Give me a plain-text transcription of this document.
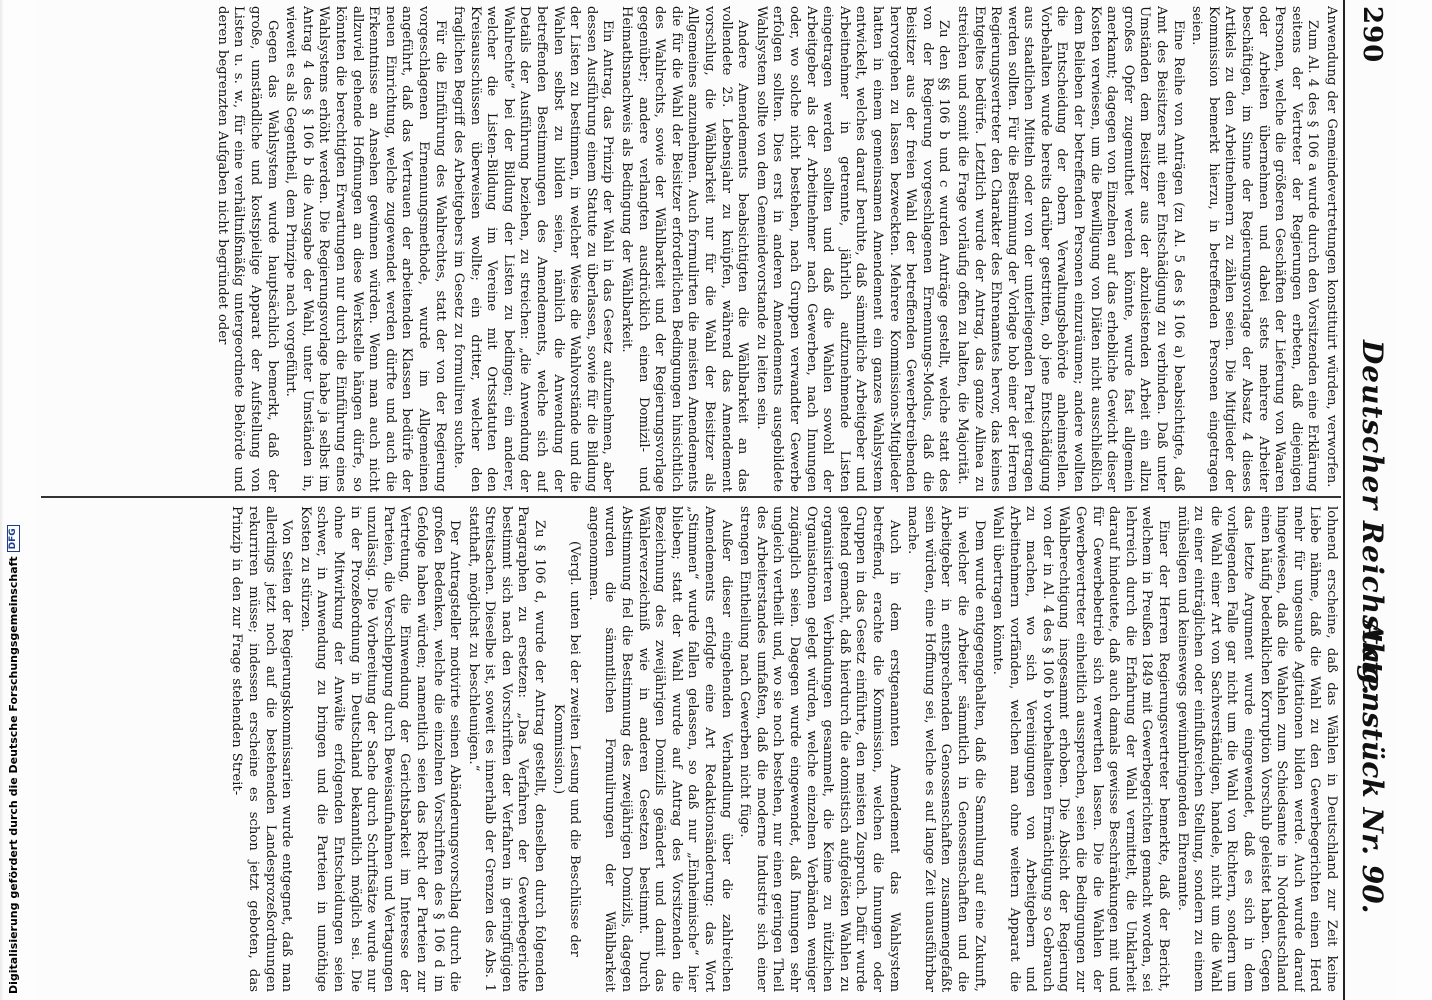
290
Deutscher Reichstag.
Aktenstück Nr. 90.

Anwendung der Gemeindevertretungen konstituirt würden, verworfen.

Zum Al. 4 des § 106 a wurde durch den Vorsitzenden eine Erklärung seitens der Vertreter der Regierungen erbeten, daß diejenigen Personen, welche die größeren Geschäften der Lieferung von Waaren oder Arbeiten übernehmen und dabei stets mehrere Arbeiter beschäftigen, im Sinne der Regierungsvorlage der Absatz 4 dieses Artikels zu den Arbeitnehmern zu zählen seien. Die Mitglieder der Kommission bemerkt hierzu, in betreffenden Personen eingetragen seien.

Eine Reihe von Anträgen (zu Al. 5 des § 106 a) beabsichtigte, daß Amt des Beisitzers mit einer Entschädigung zu verbinden. Daß unter Umständen dem Beisitzer aus der abzuleistenden Arbeit ein allzu großes Opfer zugemuthet werden könnte, wurde fast allgemein anerkannt; dagegen von Einzelnen auf das erhebliche Gewicht dieser Kosten verwiesen, um die Bewilligung von Diäten nicht ausschließlich dem Belieben der betreffenden Personen einzuräumen; andere wollten die Entscheidung der obern Verwaltungsbehörde anheimstellen. Vorbehalten wurde bereits darüber gestritten, ob jene Entschädigung aus staatlichen Mitteln oder von der unterliegenden Partei getragen werden sollten. Für die Bestimmung der Vorlage hob einer der Herren Regierungsvertreter den Charakter des Ehrenamtes hervor, das keines Entgeltes bedürfe. Letztlich wurde der Antrag, das ganze Alinea zu streichen und somit die Frage vorläufig offen zu halten, die Majorität.

Zu den §§ 106 b und c wurden Anträge gestellt, welche statt des von der Regierung vorgeschlagenen Ernennungs-Modus, daß die Beisitzer aus der freien Wahl der betreffenden Gewerbetreibenden hervorgehen zu lassen bezweckten. Mehrere Kommissions-Mitglieder hatten in einem gemeinsamen Amendement ein ganzes Wahlsystem entwickelt, welches darauf beruhte, daß sämmtliche Arbeitgeber und Arbeitnehmer in getrennte, jährlich aufzunehmende Listen eingetragen werden sollten und daß die Wahlen sowohl der Arbeitgeber als der Arbeitnehmer nach Gewerben, nach Innungen oder, wo solche nicht bestehen, nach Gruppen verwandter Gewerbe erfolgen sollten. Dies erst in anderen Amendements ausgebildete Wahlsystem sollte von dem Gemeindevorstande zu leiten sein.

Andere Amendements beabsichtigten die Wählbarkeit an das vollendete 25. Lebensjahr zu knüpfen, während das Amendement vorschlug, die Wählbarkeit nur für die Wahl der Beisitzer als Allgemeines anzunehmen. Auch formulirten die meisten Amendements die für die Wahl der Beisitzer erforderlichen Bedingungen hinsichtlich des Wahlrechts, sowie der Wählbarkeit und der Regierungsvorlage gegenüber; andere verlangten ausdrücklich einen Domizil- und Heimathsnachweis als Bedingung der Wählbarkeit.

Ein Antrag, das Prinzip der Wahl in das Gesetz aufzunehmen, aber dessen Ausführung einem Statute zu überlassen, sowie für die Bildung der Listen zu bestimmen, in welcher Weise die Wahlvorstände und die Wahlen selbst zu bilden seien, nämlich die Anwendung der betreffenden Bestimmungen des Amendements, welche sich auf Details der Ausführung beziehen, zu streichen: „die Anwendung der Wahlrechte“ bei der Bildung der Listen zu bedingen; ein anderer, welcher die Listen-Bildung im Vereine mit Ortsstatuten den Kreisausschüssen überweisen wollte; ein dritter, welcher den fraglichen Begriff des Arbeitgebers im Gesetz zu formuliren suchte.

Für die Einführung des Wahlrechtes, statt der von der Regierung vorgeschlagenen Ernennungsmethode, wurde im Allgemeinen angeführt, daß das Vertrauen der arbeitenden Klassen bedürfe der neuen Einrichtung, welche zugewendet werden dürfte und auch die Erkenntnisse an Ansehen gewinnen würden. Wenn man auch nicht allzuviel gehende Hoffnungen an diese Werkstelle hängen dürfe, so könnten die berechtigten Erwartungen nur durch die Einführung eines Wahlsystems erhöht werden. Die Regierungsvorlage habe ja selbst im Antrag 4 des § 106 b die Ausgabe der Wahl, unter Umständen in, wieweit es als Gegentheil, dem Prinzipe nach vorgeführt.

Gegen das Wahlsystem wurde hauptsächlich bemerkt, daß der große, umständliche und kostspielige Apparat der Aufstellung von Listen u. s. w., für eine verhältnißmäßig untergeordnete Behörde und deren begrenzten Aufgaben nicht begründet oder

lohnend erscheine, daß das Wählen in Deutschland zur Zeit keine Liebe nähme, daß die Wahl zu den Gewerbegerichten einen Herd mehr für ungesunde Agitationen bilden werde. Auch wurde darauf hingewiesen, daß die Wahlen zum Schiedsamte in Norddeutschland einen häufig bedenklichen Korruption Vorschub geleistet haben. Gegen das letzte Argument wurde eingewendet, daß es sich in dem vorliegenden Falle gar nicht um die Wahl von Richtern, sondern um die Wahl einer Art von Sachverständigen, handele, nicht um die Wahl zu einer einträglichen oder einflußreichen Stellung, sondern zu einem mühseligen und keineswegs gewinnbringenden Ehrenamte.

Einer der Herren Regierungsvertreter bemerkte, daß der Bericht, welchem in Preußen 1849 mit Gewerbegerichten gemacht worden, sei lehrreich durch die Erfahrung der Wahl vermittelt, die Unklarheit darauf hindeutete, daß auch damals gewisse Beschränkungen mit und für Gewerbebetrieb sich verwerthen lassen. Die die Wahlen der Gewerbevertreter einheitlich aussprechen, seien die Bedingungen zur Wahlberechtigung insgesammt erhoben. Die Absicht der Regierung von der in Al. 4 des § 106 b vorbehaltenen Ermächtigung so Gebrauch zu machen, wo sich Vereinigungen von Arbeitgebern und Arbeitnehmern vorfänden, welchen man ohne weitern Apparat die Wahl übertragen könnte.

Dem wurde entgegengehalten, daß die Sammlung auf eine Zukunft, in welcher die Arbeiter sämmtlich in Genossenschaften und die Arbeitgeber in entsprechenden Genossenschaften zusammengefaßt sein würden, eine Hoffnung sei, welche es auf lange Zeit unausführbar mache.

Auch in dem erstgenannten Amendement das Wahlsystem betreffend, erachte die Kommission, welchen die Innungen oder Gruppen in das Gesetz einführte, den meisten Zuspruch. Dafür wurde geltend gemacht, daß hierdurch die atomistisch aufgelösten Wahlen zu organisirteren Verbindungen gesammelt, die Keime zu nützlichen Organisationen gelegt würden, welche einzelnen Verbänden weniger zugänglich seien. Dagegen wurde eingewendet, daß Innungen sehr ungleich vertheilt und, wo sie noch bestehen, nur einen geringen Theil des Arbeiterstandes umfaßten, daß die moderne Industrie sich einer strengen Eintheilung nach Gewerben nicht füge.

Außer dieser eingehenden Verhandlung über die zahlreichen Amendements erfolgte eine Art Redaktionsänderung: das Wort „Stimmen“ wurde fallen gelassen, so daß nur „Einheimische“ hier blieben; statt der Wahl wurde auf Antrag des Vorsitzenden die Bezeichnung des zweijährigen Domizils geändert und damit das Wählerverzeichniß wie in anderen Gesetzen bestimmt. Durch Abstimmung fiel die Bestimmung des zweijährigen Domizils, dagegen wurden die sämmtlichen Formulirungen der Wählbarkeit angenommen.

(Vergl. unten bei der zweiten Lesung und die Beschlüsse der Kommission.)

Zu § 106 d, wurde der Antrag gestellt, denselben durch folgenden Paragraphen zu ersetzen: „Das Verfahren der Gewerbegerichte bestimmt sich nach den Vorschriften der Verfahren in geringfügigen Streitsachen. Dieselbe ist, soweit es innerhalb der Grenzen des Abs. 1 statthaft, möglichst zu beschleunigen.“

Der Antragsteller motivirte seinen Abänderungsvorschlag durch die großen Bedenken, welche die einzelnen Vorschriften des § 106 d im Gefolge haben würden; namentlich seien das Recht der Parteien zur Vertretung, die Einwendung der Gerichtsbarkeit im Interesse der Parteien, die Verschleppung durch Beweisaufnahmen und Vertagungen unzulässig. Die Vorbereitung der Sache durch Schriftsätze wurde nur in der Prozeßordnung in Deutschland bekanntlich möglich sei. Die ohne Mitwirkung der Anwälte erfolgenden Entscheidungen seien schwer, in Anwendung zu bringen und die Parteien in unnöthige Kosten zu stürzen.

Von Seiten der Regierungskommissarien wurde entgegnet, daß man allerdings jetzt noch auf die bestehenden Landesprozeßordnungen rekurriren müsse; indessen erscheine es schon jetzt geboten, das Prinzip in den zur Frage stehenden Streit-

Digitalisierung gefördert durch die Deutsche Forschungsgemeinschaft
DFG
